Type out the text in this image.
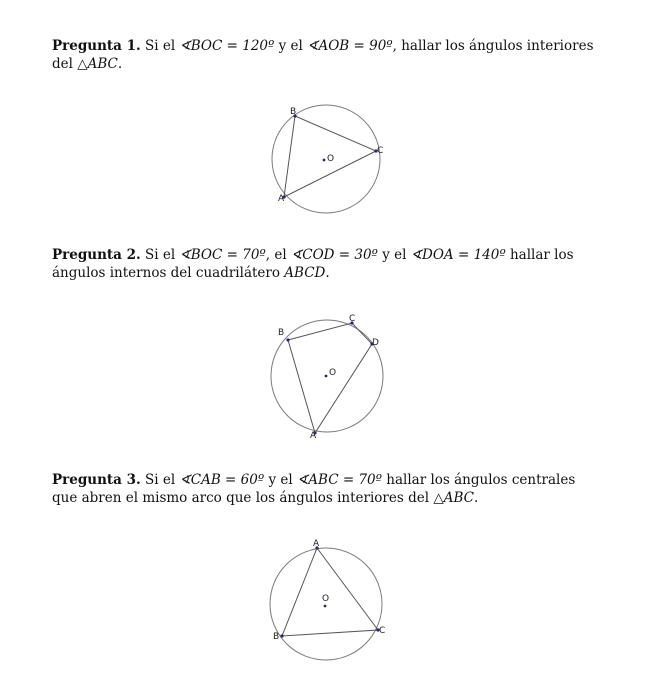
Pregunta 1. Si el ∢BOC = 120º y el ∢AOB = 90º, hallar los ángulos interiores del △ABC.
B
C
A
O
Pregunta 2. Si el ∢BOC = 70º, el ∢COD = 30º y el ∢DOA = 140º hallar los ángulos internos del cuadrilátero ABCD.
B
C
D
A
O
Pregunta 3. Si el ∢CAB = 60º y el ∢ABC = 70º hallar los ángulos centrales que abren el mismo arco que los ángulos interiores del △ABC.
A
C
B
O
